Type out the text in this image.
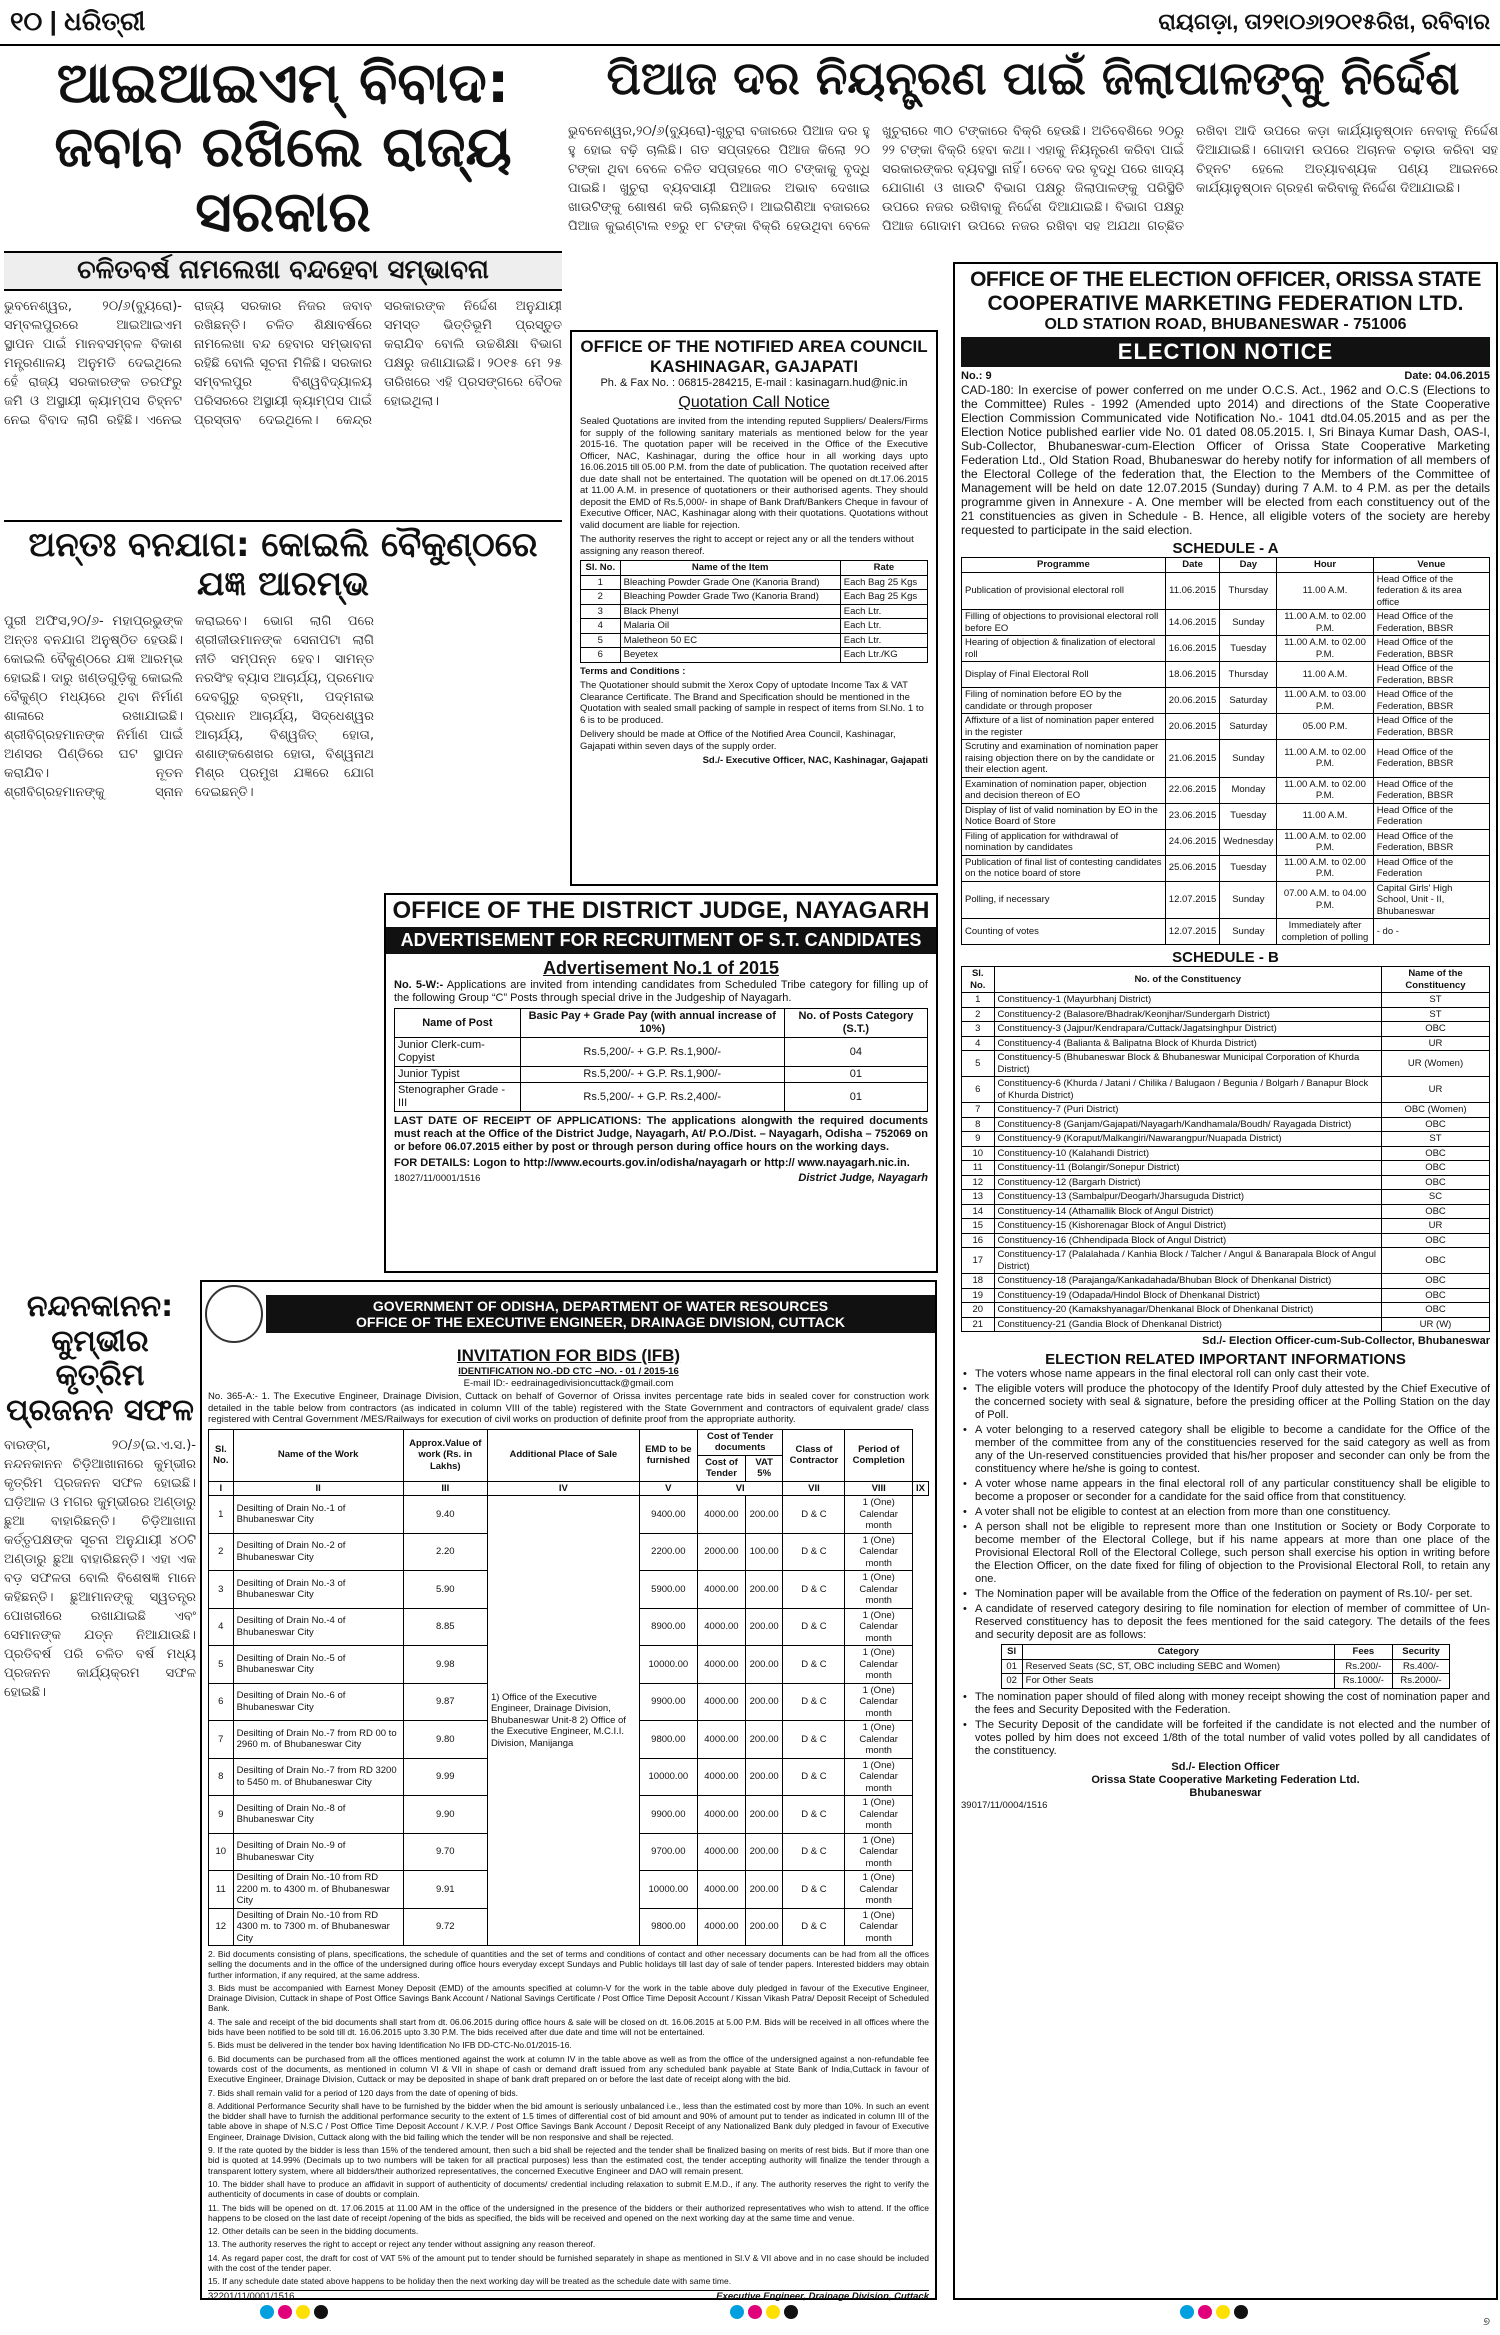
୧୦ | ଧରିତ୍ରୀ	ରାୟଗଡ଼ା, ତା୨୧ା୦୬ା୨୦୧୫ରିଖ, ରବିବାର
ଆଇଆଇଏମ୍ ବିବାଦ: ଜବାବ ରଖିଲେ ରାଜ୍ୟ ସରକାର
ଚଳିତବର୍ଷ ନାମଲେଖା ବନ୍ଦହେବା ସମ୍ଭାବନା
ଭୁବନେଶ୍ୱର, ୨୦/୬(ବ୍ୟୁରୋ)- ସମ୍ବଲପୁରରେ ଆଇଆଇଏମ ସ୍ଥାପନ ପାଇଁ ମାନବସମ୍ବଳ ବିକାଶ ମନ୍ତ୍ରଣାଳୟ ଅନୁମତି ଦେଇଥିଲେ ହେଁ ରାଜ୍ୟ ସରକାରଙ୍କ ତରଫରୁ ଜମି ଓ ଅସ୍ଥାୟୀ କ୍ୟାମ୍ପସ ଚିହ୍ନଟ ନେଇ ବିବାଦ ଲାଗି ରହିଛି। ଏନେଇ ରାଜ୍ୟ ସରକାର ନିଜର ଜବାବ ରଖିଛନ୍ତି। ଚଳିତ ଶିକ୍ଷାବର୍ଷରେ ନାମଲେଖା ବନ୍ଦ ହେବାର ସମ୍ଭାବନା ରହିଛି ବୋଲି ସୂଚନା ମିଳିଛି। ସରକାର ସମ୍ବଲପୁର ବିଶ୍ୱବିଦ୍ୟାଳୟ ପରିସରରେ ଅସ୍ଥାୟୀ କ୍ୟାମ୍ପସ ପାଇଁ ପ୍ରସ୍ତାବ ଦେଇଥିଲେ। କେନ୍ଦ୍ର ସରକାରଙ୍କ ନିର୍ଦ୍ଦେଶ ଅନୁଯାୟୀ ସମସ୍ତ ଭିତ୍ତିଭୂମି ପ୍ରସ୍ତୁତ କରାଯିବ ବୋଲି ଉଚ୍ଚଶିକ୍ଷା ବିଭାଗ ପକ୍ଷରୁ ଜଣାଯାଇଛି। ୨୦୧୫ ମେ ୨୫ ତାରିଖରେ ଏହି ପ୍ରସଙ୍ଗରେ ବୈଠକ ହୋଇଥିଲା।
ପିଆଜ ଦର ନିୟନ୍ତ୍ରଣ ପାଇଁ ଜିଲାପାଳଙ୍କୁ ନିର୍ଦ୍ଦେଶ
ଭୁବନେଶ୍ୱର,୨୦/୬(ବ୍ୟୁରୋ)-ଖୁଚୁରା ବଜାରରେ ପିଆଜ ଦର ହୁ ହୁ ହୋଇ ବଢ଼ି ଚାଲିଛି। ଗତ ସପ୍ତାହରେ ପିଆଜ କିଲୋ ୨୦ ଟଙ୍କା ଥିବା ବେଳେ ଚଳିତ ସପ୍ତାହରେ ୩୦ ଟଙ୍କାକୁ ବୃଦ୍ଧି ପାଇଛି। ଖୁଚୁରା ବ୍ୟବସାୟୀ ପିଆଜର ଅଭାବ ଦେଖାଇ ଖାଉଟିଙ୍କୁ ଶୋଷଣ କରି ଚାଲିଛନ୍ତି। ଆଇଗିଣିଆ ବଜାରରେ ପିଆଜ କୁଇଣ୍ଟାଲ ୧୭ରୁ ୧୮ ଟଙ୍କା ବିକ୍ରି ହେଉଥିବା ବେଳେ ଖୁଚୁରାରେ ୩୦ ଟଙ୍କାରେ ବିକ୍ରି ହେଉଛି। ଅତିବେଶିରେ ୨୦ରୁ ୨୨ ଟଙ୍କା ବିକ୍ରି ହେବା କଥା। ଏହାକୁ ନିୟନ୍ତ୍ରଣ କରିବା ପାଇଁ ସରକାରଙ୍କର ବ୍ୟବସ୍ଥା ନାହିଁ। ତେବେ ଦର ବୃଦ୍ଧି ପରେ ଖାଦ୍ୟ ଯୋଗାଣ ଓ ଖାଉଟି ବିଭାଗ ପକ୍ଷରୁ ଜିଲାପାଳଙ୍କୁ ପରିସ୍ଥିତି ଉପରେ ନଜର ରଖିବାକୁ ନିର୍ଦ୍ଦେଶ ଦିଆଯାଇଛି। ବିଭାଗ ପକ୍ଷରୁ ପିଆଜ ଗୋଦାମ ଉପରେ ନଜର ରଖିବା ସହ ଅଯଥା ଗଚ୍ଛିତ ରଖିବା ଆଦି ଉପରେ କଡ଼ା କାର୍ଯ୍ୟାନୁଷ୍ଠାନ ନେବାକୁ ନିର୍ଦ୍ଦେଶ ଦିଆଯାଇଛି। ଗୋଦାମ ଉପରେ ଅଚାନକ ଚଢ଼ାଉ କରିବା ସହ ଚିହ୍ନଟ ହେଲେ ଅତ୍ୟାବଶ୍ୟକ ପଣ୍ୟ ଆଇନରେ କାର୍ଯ୍ୟାନୁଷ୍ଠାନ ଗ୍ରହଣ କରିବାକୁ ନିର୍ଦ୍ଦେଶ ଦିଆଯାଇଛି।
ଅନ୍ତଃ ବନଯାଗ: କୋଇଲି ବୈକୁଣ୍ଠରେ ଯଜ୍ଞ ଆରମ୍ଭ
ପୁରୀ ଅଫିସ,୨୦/୬- ମହାପ୍ରଭୁଙ୍କ ଅନ୍ତଃ ବନଯାଗ ଅନୁଷ୍ଠିତ ହେଉଛି। କୋଇଲି ବୈକୁଣ୍ଠରେ ଯଜ୍ଞ ଆରମ୍ଭ ହୋଇଛି। ଦାରୁ ଖଣ୍ଡଗୁଡ଼ିକୁ କୋଇଲି ବୈକୁଣ୍ଠ ମଧ୍ୟରେ ଥିବା ନିର୍ମାଣ ଶାଳାରେ ରଖାଯାଇଛି। ଶ୍ରୀବିଗ୍ରହମାନଙ୍କ ନିର୍ମାଣ ପାଇଁ ଅଣସର ପିଣ୍ଡିରେ ଘଟ ସ୍ଥାପନ କରାଯିବ। ନୂତନ ଶ୍ରୀବିଗ୍ରହମାନଙ୍କୁ ସ୍ନାନ କରାଇବେ। ଭୋଗ ଲାଗି ପରେ ଶ୍ରୀଜୀଉମାନଙ୍କ ସେନାପଟା ଲାଗି ନୀତି ସମ୍ପନ୍ନ ହେବ। ସାମନ୍ତ ନରସିଂହ ବ୍ୟାସ ଆଚାର୍ଯ୍ୟ, ପ୍ରମୋଦ ଦେବଗୁରୁ ବ୍ରହ୍ମା, ପଦ୍ମନାଭ ପ୍ରଧାନ ଆଚାର୍ଯ୍ୟ, ସିଦ୍ଧେଶ୍ୱର ଆଚାର୍ଯ୍ୟ, ବିଶ୍ୱଜିତ୍ ହୋତା, ଶଶାଙ୍କଶେଖର ହୋତା, ବିଶ୍ୱନାଥ ମିଶ୍ର ପ୍ରମୁଖ ଯଜ୍ଞରେ ଯୋଗ ଦେଇଛନ୍ତି।
ନନ୍ଦନକାନନ: କୁମ୍ଭୀର କୃତ୍ରିମ ପ୍ରଜନନ ସଫଳ
ବାରଙ୍ଗ, ୨୦/୬(ଇ.ଏ.ସ.)- ନନ୍ଦନକାନନ ଚିଡ଼ିଆଖାନାରେ କୁମ୍ଭୀର କୃତ୍ରିମ ପ୍ରଜନନ ସଫଳ ହୋଇଛି। ଘଡ଼ିଆଳ ଓ ମଗର କୁମ୍ଭୀରର ଅଣ୍ଡାରୁ ଛୁଆ ବାହାରିଛନ୍ତି। ଚିଡ଼ିଆଖାନା କର୍ତ୍ତୃପକ୍ଷଙ୍କ ସୂଚନା ଅନୁଯାୟୀ ୪୦ଟି ଅଣ୍ଡାରୁ ଛୁଆ ବାହାରିଛନ୍ତି। ଏହା ଏକ ବଡ଼ ସଫଳତା ବୋଲି ବିଶେଷଜ୍ଞ ମାନେ କହିଛନ୍ତି। ଛୁଆମାନଙ୍କୁ ସ୍ୱତନ୍ତ୍ର ପୋଖରୀରେ ରଖାଯାଇଛି ଏବଂ ସେମାନଙ୍କ ଯତ୍ନ ନିଆଯାଉଛି। ପ୍ରତିବର୍ଷ ପରି ଚଳିତ ବର୍ଷ ମଧ୍ୟ ପ୍ରଜନନ କାର୍ଯ୍ୟକ୍ରମ ସଫଳ ହୋଇଛି।
OFFICE OF THE NOTIFIED AREA COUNCIL
KASHINAGAR, GAJAPATI
Ph. & Fax No. : 06815-284215, E-mail : kasinagarn.hud@nic.in
Quotation Call Notice

Sealed Quotations are invited from the intending reputed Suppliers/ Dealers/Firms for supply of the following sanitary materials as mentioned below for the year 2015-16. The quotation paper will be received in the Office of the Executive Officer, NAC, Kashinagar, during the office hour in all working days upto 16.06.2015 till 05.00 P.M. from the date of publication. The quotation received after due date shall not be entertained. The quotation will be opened on dt.17.06.2015 at 11.00 A.M. in presence of quotationers or their authorised agents. They should deposit the EMD of Rs.5,000/- in shape of Bank Draft/Bankers Cheque in favour of Executive Officer, NAC, Kashinagar along with their quotations. Quotations without valid document are liable for rejection.

The authority reserves the right to accept or reject any or all the tenders without assigning any reason thereof.

Sl. No.	Name of the Item	Rate
1	Bleaching Powder Grade One (Kanoria Brand)	Each Bag 25 Kgs
2	Bleaching Powder Grade Two (Kanoria Brand)	Each Bag 25 Kgs
3	Black Phenyl	Each Ltr.
4	Malaria Oil	Each Ltr.
5	Maletheon 50 EC	Each Ltr.
6	Beyetex	Each Ltr./KG

Terms and Conditions :

The Quotationer should submit the Xerox Copy of uptodate Income Tax & VAT Clearance Certificate. The Brand and Specification should be mentioned in the Quotation with sealed small packing of sample in respect of items from Sl.No. 1 to 6 is to be produced.

Delivery should be made at Office of the Notified Area Council, Kashinagar, Gajapati within seven days of the supply order.

Sd./- Executive Officer, NAC, Kashinagar, Gajapati

OFFICE OF THE DISTRICT JUDGE, NAYAGARH
ADVERTISEMENT FOR RECRUITMENT OF S.T. CANDIDATES
Advertisement No.1 of 2015

No. 5-W:- Applications are invited from intending candidates from Scheduled Tribe category for filling up of the following Group “C” Posts through special drive in the Judgeship of Nayagarh.

Name of Post	Basic Pay + Grade Pay (with annual increase of 10%)	No. of Posts Category (S.T.)
Junior Clerk-cum-Copyist	Rs.5,200/- + G.P. Rs.1,900/-	04
Junior Typist	Rs.5,200/- + G.P. Rs.1,900/-	01
Stenographer Grade - III	Rs.5,200/- + G.P. Rs.2,400/-	01

LAST DATE OF RECEIPT OF APPLICATIONS: The applications alongwith the required documents must reach at the Office of the District Judge, Nayagarh, At/ P.O./Dist. – Nayagarh, Odisha – 752069 on or before 06.07.2015 either by post or through person during office hours on the working days.

FOR DETAILS: Logon to http://www.ecourts.gov.in/odisha/nayagarh or http:// www.nayagarh.nic.in.

18027/11/0001/1516	District Judge, Nayagarh
GOVERNMENT OF ODISHA, DEPARTMENT OF WATER RESOURCES
OFFICE OF THE EXECUTIVE ENGINEER, DRAINAGE DIVISION, CUTTACK
INVITATION FOR BIDS (IFB)
IDENTIFICATION NO.-DD CTC –NO. - 01 / 2015-16
E-mail ID:- eedrainagedivisioncuttack@gmail.com

No. 365-A:- 1. The Executive Engineer, Drainage Division, Cuttack on behalf of Governor of Orissa invites percentage rate bids in sealed cover for construction work detailed in the table below from contractors (as indicated in column VIII of the table) registered with the State Government and contractors of equivalent grade/ class registered with Central Government /MES/Railways for execution of civil works on production of definite proof from the appropriate authority.

Sl. No.	Name of the Work	Approx.Value of work (Rs. in Lakhs)	Additional Place of Sale	EMD to be furnished	Cost of Tender documents		Class of Contractor	Period of Completion	
					Cost of Tender	VAT 5%			
I	II	III	IV	V	VI		VII	VIII	IX
1	Desilting of Drain No.-1 of Bhubaneswar City	9.40	1) Office of the Executive Engineer, Drainage Division, Bhubaneswar Unit-8 2) Office of the Executive Engineer, M.C.I.I. Division, Manijanga	9400.00	4000.00	200.00	D & C	1 (One) Calendar month	
2	Desilting of Drain No.-2 of Bhubaneswar City	2.20		2200.00	2000.00	100.00	D & C	1 (One) Calendar month	
3	Desilting of Drain No.-3 of Bhubaneswar City	5.90		5900.00	4000.00	200.00	D & C	1 (One) Calendar month	
4	Desilting of Drain No.-4 of Bhubaneswar City	8.85		8900.00	4000.00	200.00	D & C	1 (One) Calendar month	
5	Desilting of Drain No.-5 of Bhubaneswar City	9.98		10000.00	4000.00	200.00	D & C	1 (One) Calendar month	
6	Desilting of Drain No.-6 of Bhubaneswar City	9.87		9900.00	4000.00	200.00	D & C	1 (One) Calendar month	
7	Desilting of Drain No.-7 from RD 00 to 2960 m. of Bhubaneswar City	9.80		9800.00	4000.00	200.00	D & C	1 (One) Calendar month	
8	Desilting of Drain No.-7 from RD 3200 to 5450 m. of Bhubaneswar City	9.99		10000.00	4000.00	200.00	D & C	1 (One) Calendar month	
9	Desilting of Drain No.-8 of Bhubaneswar City	9.90		9900.00	4000.00	200.00	D & C	1 (One) Calendar month	
10	Desilting of Drain No.-9 of Bhubaneswar City	9.70		9700.00	4000.00	200.00	D & C	1 (One) Calendar month	
11	Desilting of Drain No.-10 from RD 2200 m. to 4300 m. of Bhubaneswar City	9.91		10000.00	4000.00	200.00	D & C	1 (One) Calendar month	
12	Desilting of Drain No.-10 from RD 4300 m. to 7300 m. of Bhubaneswar City	9.72		9800.00	4000.00	200.00	D & C	1 (One) Calendar month	

2. Bid documents consisting of plans, specifications, the schedule of quantities and the set of terms and conditions of contact and other necessary documents can be had from all the offices selling the documents and in the office of the undersigned during office hours everyday except Sundays and Public holidays till last day of sale of tender papers. Interested bidders may obtain further information, if any required, at the same address.

3. Bids must be accompanied with Earnest Money Deposit (EMD) of the amounts specified at column-V for the work in the table above duly pledged in favour of the Executive Engineer, Drainage Division, Cuttack in shape of Post Office Savings Bank Account / National Savings Certificate / Post Office Time Deposit Account / Kissan Vikash Patra/ Deposit Receipt of Scheduled Bank.

4. The sale and receipt of the bid documents shall start from dt. 06.06.2015 during office hours & sale will be closed on dt. 16.06.2015 at 5.00 P.M. Bids will be received in all offices where the bids have been notified to be sold till dt. 16.06.2015 upto 3.30 P.M. The bids received after due date and time will not be entertained.

5. Bids must be delivered in the tender box having Identification No IFB DD-CTC-No.01/2015-16.

6. Bid documents can be purchased from all the offices mentioned against the work at column IV in the table above as well as from the office of the undersigned against a non-refundable fee towards cost of the documents, as mentioned in column VI & VII in shape of cash or demand draft issued from any scheduled bank payable at State Bank of India,Cuttack in favour of Executive Engineer, Drainage Division, Cuttack or may be deposited in shape of bank draft prepared on or before the last date of receipt along with the bid.

7. Bids shall remain valid for a period of 120 days from the date of opening of bids.

8. Additional Performance Security shall have to be furnished by the bidder when the bid amount is seriously unbalanced i.e., less than the estimated cost by more than 10%. In such an event the bidder shall have to furnish the additional performance security to the extent of 1.5 times of differential cost of bid amount and 90% of amount put to tender as indicated in column III of the table above in shape of N.S.C / Post Office Time Deposit Account / K.V.P. / Post Office Savings Bank Account / Deposit Receipt of any Nationalized Bank duly pledged in favour of Executive Engineer, Drainage Division, Cuttack along with the bid failing which the tender will be non responsive and shall be rejected.

9. If the rate quoted by the bidder is less than 15% of the tendered amount, then such a bid shall be rejected and the tender shall be finalized basing on merits of rest bids. But if more than one bid is quoted at 14.99% (Decimals up to two numbers will be taken for all practical purposes) less than the estimated cost, the tender accepting authority will finalize the tender through a transparent lottery system, where all bidders/their authorized representatives, the concerned Executive Engineer and DAO will remain present.

10. The bidder shall have to produce an affidavit in support of authenticity of documents/ credential including relaxation to submit E.M.D., if any. The authority reserves the right to verify the authenticity of documents in case of doubts or complain.

11. The bids will be opened on dt. 17.06.2015 at 11.00 AM in the office of the undersigned in the presence of the bidders or their authorized representatives who wish to attend. If the office happens to be closed on the last date of receipt /opening of the bids as specified, the bids will be received and opened on the next working day at the same time and venue.

12. Other details can be seen in the bidding documents.

13. The authority reserves the right to accept or reject any tender without assigning any reason thereof.

14. As regard paper cost, the draft for cost of VAT 5% of the amount put to tender should be furnished separately in shape as mentioned in Sl.V & VII above and in no case should be included with the cost of the tender paper.

15. If any schedule date stated above happens to be holiday then the next working day will be treated as the schedule date with same time.

32201/11/0001/1516	Executive Engineer, Drainage Division, Cuttack
OFFICE OF THE ELECTION OFFICER, ORISSA STATE
COOPERATIVE MARKETING FEDERATION LTD.
OLD STATION ROAD, BHUBANESWAR - 751006
ELECTION NOTICE
No.: 9	Date: 04.06.2015

CAD-180: In exercise of power conferred on me under O.C.S. Act., 1962 and O.C.S (Elections to the Committee) Rules - 1992 (Amended upto 2014) and directions of the State Cooperative Election Commission Communicated vide Notification No.- 1041 dtd.04.05.2015 and as per the Election Notice published earlier vide No. 01 dated 08.05.2015. I, Sri Binaya Kumar Dash, OAS-I, Sub-Collector, Bhubaneswar-cum-Election Officer of Orissa State Cooperative Marketing Federation Ltd., Old Station Road, Bhubaneswar do hereby notify for information of all members of the Electoral College of the federation that, the Election to the Members of the Committee of Management will be held on date 12.07.2015 (Sunday) during 7 A.M. to 4 P.M. as per the details programme given in Annexure - A. One member will be elected from each constituency out of the 21 constituencies as given in Schedule - B. Hence, all eligible voters of the society are hereby requested to participate in the said election.

SCHEDULE - A
Programme	Date	Day	Hour	Venue
Publication of provisional electoral roll	11.06.2015	Thursday	11.00 A.M.	Head Office of the federation & its area office
Filling of objections to provisional electoral roll before EO	14.06.2015	Sunday	11.00 A.M. to 02.00 P.M.	Head Office of the Federation, BBSR
Hearing of objection & finalization of electoral roll	16.06.2015	Tuesday	11.00 A.M. to 02.00 P.M.	Head Office of the Federation, BBSR
Display of Final Electoral Roll	18.06.2015	Thursday	11.00 A.M.	Head Office of the Federation, BBSR
Filing of nomination before EO by the candidate or through proposer	20.06.2015	Saturday	11.00 A.M. to 03.00 P.M.	Head Office of the Federation, BBSR
Affixture of a list of nomination paper entered in the register	20.06.2015	Saturday	05.00 P.M.	Head Office of the Federation, BBSR
Scrutiny and examination of nomination paper raising objection there on by the candidate or their election agent.	21.06.2015	Sunday	11.00 A.M. to 02.00 P.M.	Head Office of the Federation, BBSR
Examination of nomination paper, objection and decision thereon of EO	22.06.2015	Monday	11.00 A.M. to 02.00 P.M.	Head Office of the Federation, BBSR
Display of list of valid nomination by EO in the Notice Board of Store	23.06.2015	Tuesday	11.00 A.M.	Head Office of the Federation
Filing of application for withdrawal of nomination by candidates	24.06.2015	Wednesday	11.00 A.M. to 02.00 P.M.	Head Office of the Federation, BBSR
Publication of final list of contesting candidates on the notice board of store	25.06.2015	Tuesday	11.00 A.M. to 02.00 P.M.	Head Office of the Federation
Polling, if necessary	12.07.2015	Sunday	07.00 A.M. to 04.00 P.M.	Capital Girls' High School, Unit - II, Bhubaneswar
Counting of votes	12.07.2015	Sunday	Immediately after completion of polling	- do -
SCHEDULE - B
Sl. No.	No. of the Constituency	Name of the Constituency
1	Constituency-1 (Mayurbhanj District)	ST
2	Constituency-2 (Balasore/Bhadrak/Keonjhar/Sundergarh District)	ST
3	Constituency-3 (Jajpur/Kendrapara/Cuttack/Jagatsinghpur District)	OBC
4	Constituency-4 (Balianta & Balipatna Block of Khurda District)	UR
5	Constituency-5 (Bhubaneswar Block & Bhubaneswar Municipal Corporation of Khurda District)	UR (Women)
6	Constituency-6 (Khurda / Jatani / Chilika / Balugaon / Begunia / Bolgarh / Banapur Block of Khurda District)	UR
7	Constituency-7 (Puri District)	OBC (Women)
8	Constituency-8 (Ganjam/Gajapati/Nayagarh/Kandhamala/Boudh/ Rayagada District)	OBC
9	Constituency-9 (Koraput/Malkangiri/Nawarangpur/Nuapada District)	ST
10	Constituency-10 (Kalahandi District)	OBC
11	Constituency-11 (Bolangir/Sonepur District)	OBC
12	Constituency-12 (Bargarh District)	OBC
13	Constituency-13 (Sambalpur/Deogarh/Jharsuguda District)	SC
14	Constituency-14 (Athamallik Block of Angul District)	OBC
15	Constituency-15 (Kishorenagar Block of Angul District)	UR
16	Constituency-16 (Chhendipada Block of Angul District)	OBC
17	Constituency-17 (Palalahada / Kanhia Block / Talcher / Angul & Banarapala Block of Angul District)	OBC
18	Constituency-18 (Parajanga/Kankadahada/Bhuban Block of Dhenkanal District)	OBC
19	Constituency-19 (Odapada/Hindol Block of Dhenkanal District)	OBC
20	Constituency-20 (Kamakshyanagar/Dhenkanal Block of Dhenkanal District)	OBC
21	Constituency-21 (Gandia Block of Dhenkanal District)	UR (W)

Sd./- Election Officer-cum-Sub-Collector, Bhubaneswar

ELECTION RELATED IMPORTANT INFORMATIONS
• The voters whose name appears in the final electoral roll can only cast their vote.
• The eligible voters will produce the photocopy of the Identify Proof duly attested by the Chief Executive of the concerned society with seal & signature, before the presiding officer at the Polling Station on the day of Poll.
• A voter belonging to a reserved category shall be eligible to become a candidate for the Office of the member of the committee from any of the constituencies reserved for the said category as well as from any of the Un-reserved constituencies provided that his/her proposer and seconder can only be from the constituency where he/she is going to contest.
• A voter whose name appears in the final electoral roll of any particular constituency shall be eligible to become a proposer or seconder for a candidate for the said office from that constituency.
• A voter shall not be eligible to contest at an election from more than one constituency.
• A person shall not be eligible to represent more than one Institution or Society or Body Corporate to become member of the Electoral College, but if his name appears at more than one place of the Provisional Electoral Roll of the Electoral College, such person shall exercise his option in writing before the Election Officer, on the date fixed for filing of objection to the Provisional Electoral Roll, to retain any one.
• The Nomination paper will be available from the Office of the federation on payment of Rs.10/- per set.
• A candidate of reserved category desiring to file nomination for election of member of committee of Un-Reserved constituency has to deposit the fees mentioned for the said category. The details of the fees and security deposit are as follows:
Sl	Category	Fees	Security
01	Reserved Seats (SC, ST, OBC including SEBC and Women)	Rs.200/-	Rs.400/-
02	For Other Seats	Rs.1000/-	Rs.2000/-
• The nomination paper should of filed along with money receipt showing the cost of nomination paper and the fees and Security Deposited with the Federation.
• The Security Deposit of the candidate will be forfeited if the candidate is not elected and the number of votes polled by him does not exceed 1/8th of the total number of valid votes polled by all candidates of the constituency.
Sd./- Election Officer
Orissa State Cooperative Marketing Federation Ltd.
Bhubaneswar
39017/11/0004/1516
୭
